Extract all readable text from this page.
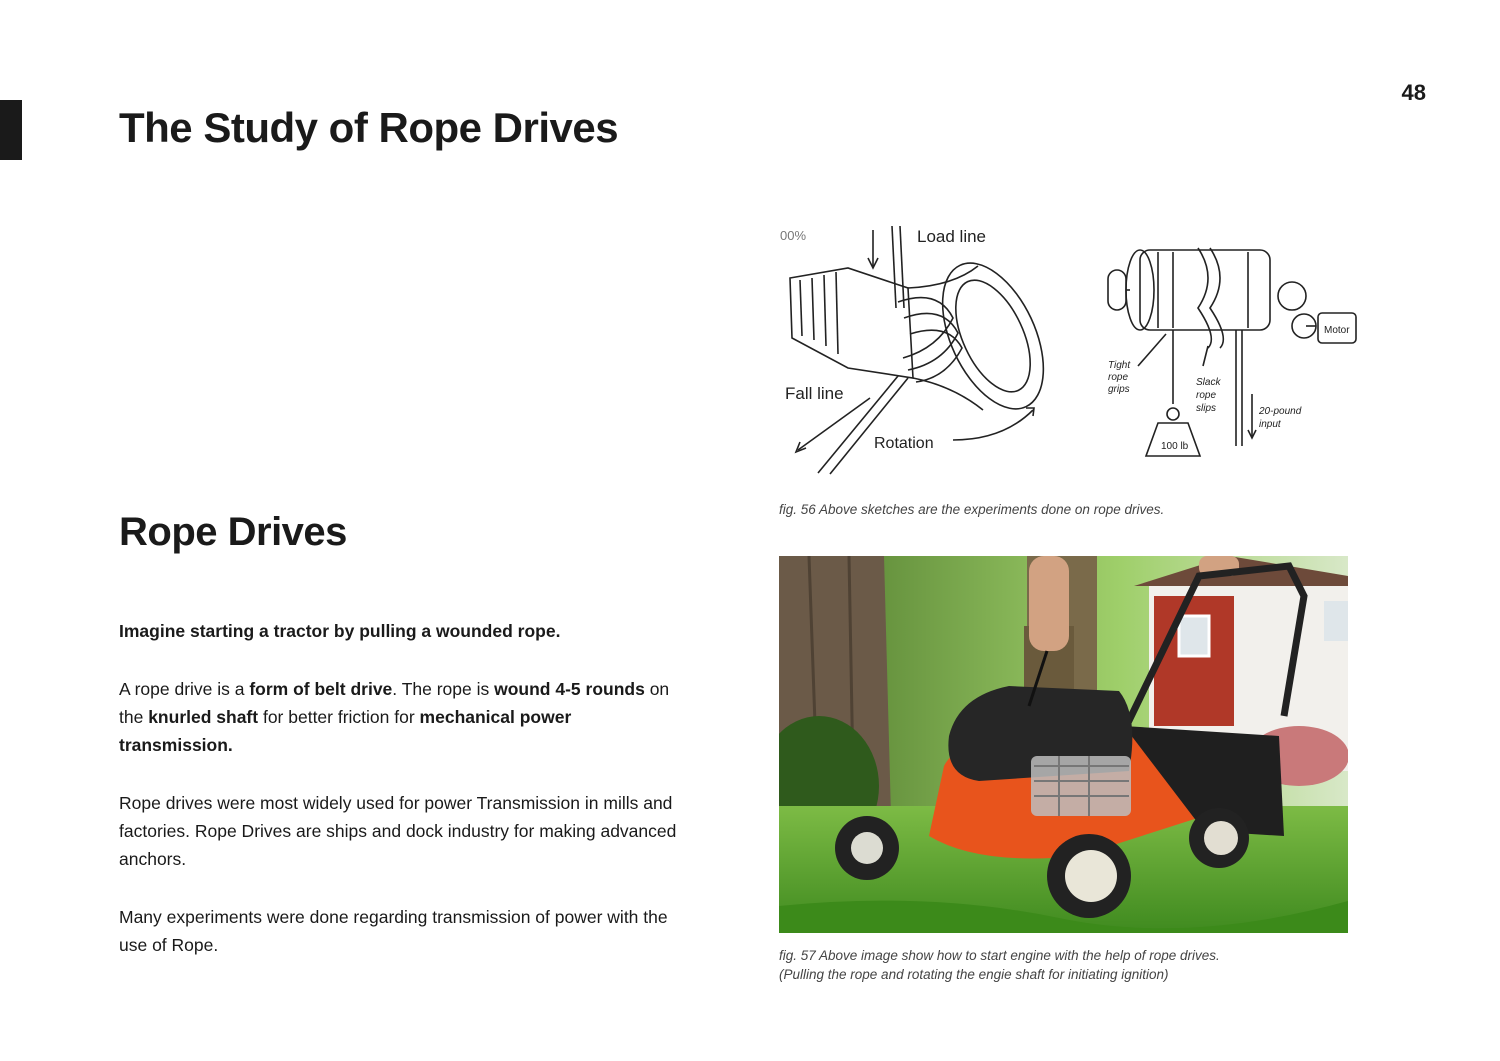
48
The Study of Rope Drives
Rope Drives

Imagine starting a tractor by pulling a wounded rope.

A rope drive is a form of belt drive. The rope is wound 4-5 rounds on the knurled shaft for better friction for mechanical power transmission.

Rope drives were most widely used for power Transmission in mills and factories. Rope Drives are ships and dock industry for making advanced anchors.

Many experiments were done regarding transmission of power with the use of Rope.

00%	Load line
Fall line
Rotation
Motor
Tight
rope
grips
Slack
rope
slips	20-pound
input
100 lb

fig. 56 Above sketches are the experiments done on rope drives.

fig. 57 Above image show how to start engine with the help of rope drives.
(Pulling the rope and rotating the engie shaft for initiating ignition)
